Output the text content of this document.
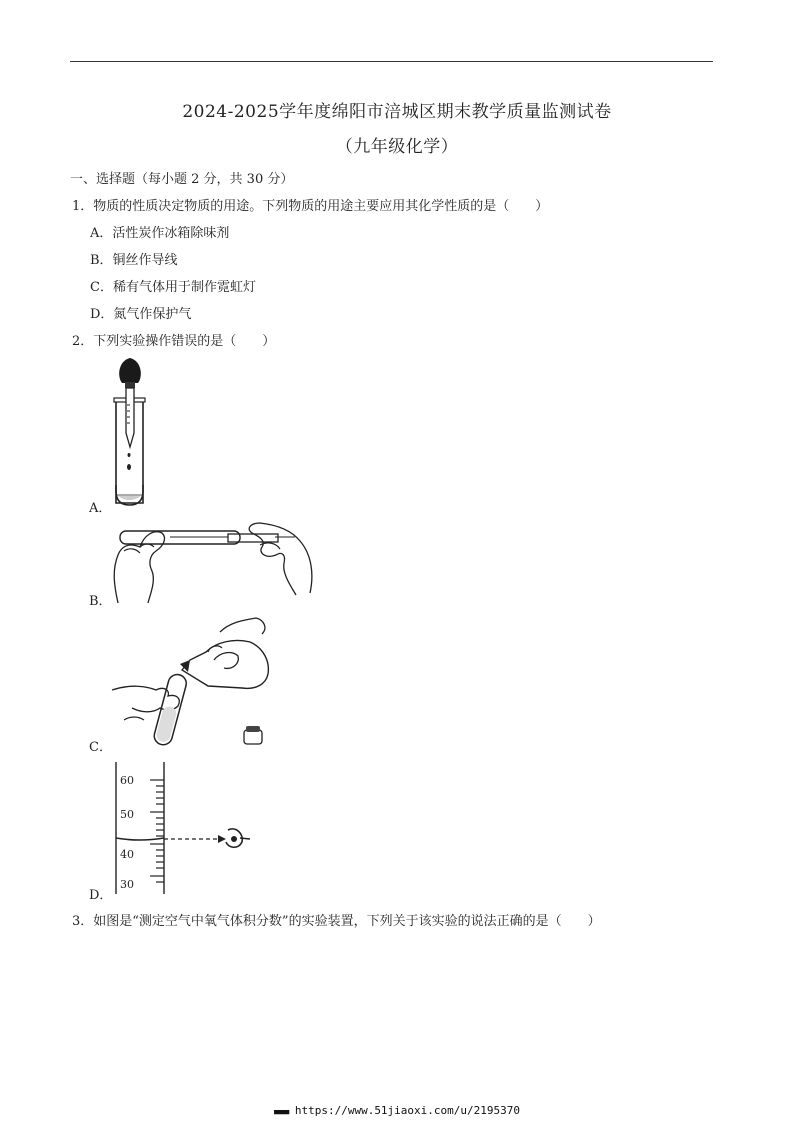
2024-2025学年度绵阳市涪城区期末教学质量监测试卷
（九年级化学）
一、选择题（每小题 2 分，共 30 分）
1．物质的性质决定物质的用途。下列物质的用途主要应用其化学性质的是（　　）
A．活性炭作冰箱除味剂
B．铜丝作导线
C．稀有气体用于制作霓虹灯
D．氮气作保护气
2．下列实验操作错误的是（　　）
A．
B．
C．
60
50
40
30
D．
3．如图是“测定空气中氧气体积分数”的实验装置，下列关于该实验的说法正确的是（　　）
■■■■ https://www.51jiaoxi.com/u/2195370
